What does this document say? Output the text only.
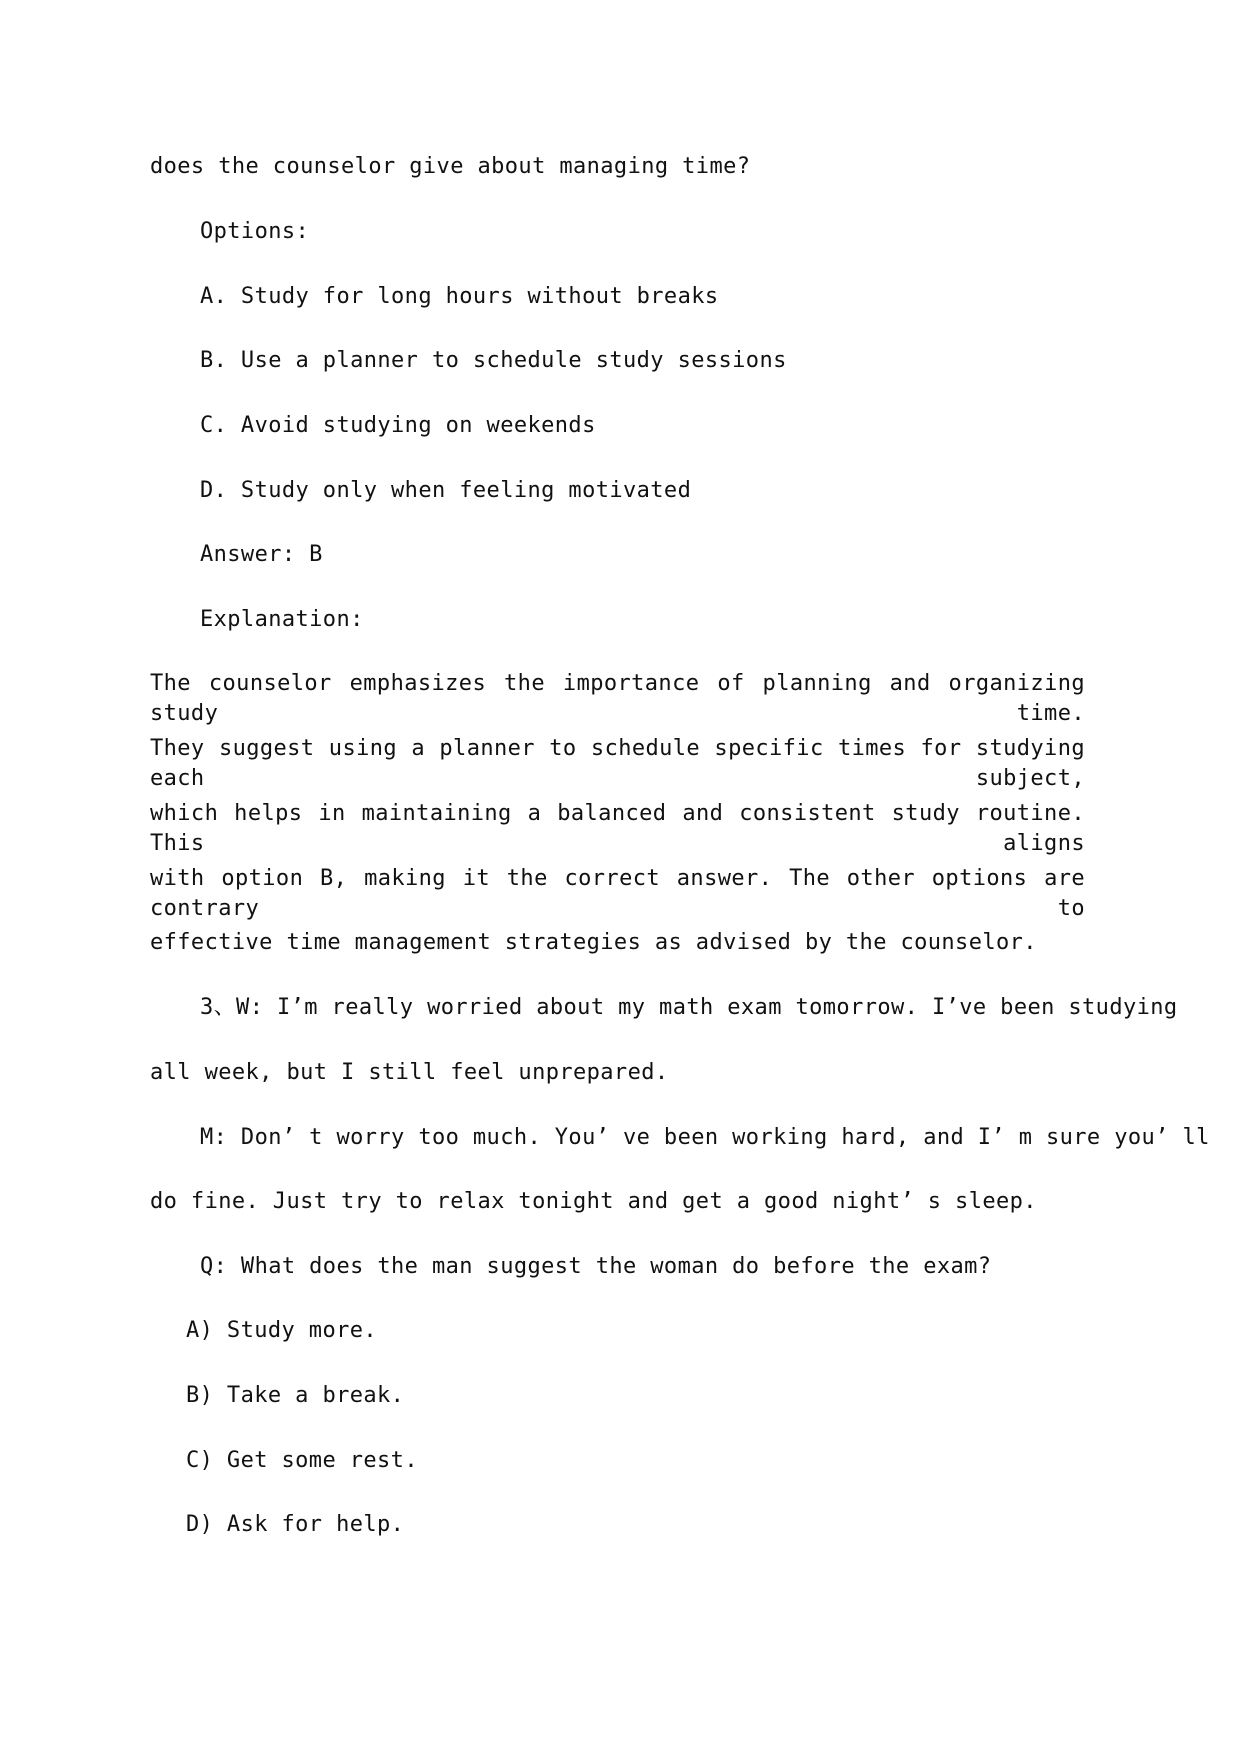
does the counselor give about managing time?
Options:
A. Study for long hours without breaks
B. Use a planner to schedule study sessions
C. Avoid studying on weekends
D. Study only when feeling motivated
Answer: B
Explanation:
The counselor emphasizes the importance of planning and organizing study time.
They suggest using a planner to schedule specific times for studying each subject,
which helps in maintaining a balanced and consistent study routine. This aligns
with option B, making it the correct answer. The other options are contrary to
effective time management strategies as advised by the counselor.
3、W: I’m really worried about my math exam tomorrow. I’ve been studying
all week, but I still feel unprepared.
M: Don’ t worry too much. You’ ve been working hard, and I’ m sure you’ ll
do fine. Just try to relax tonight and get a good night’ s sleep.
Q: What does the man suggest the woman do before the exam?
A) Study more.
B) Take a break.
C) Get some rest.
D) Ask for help.
